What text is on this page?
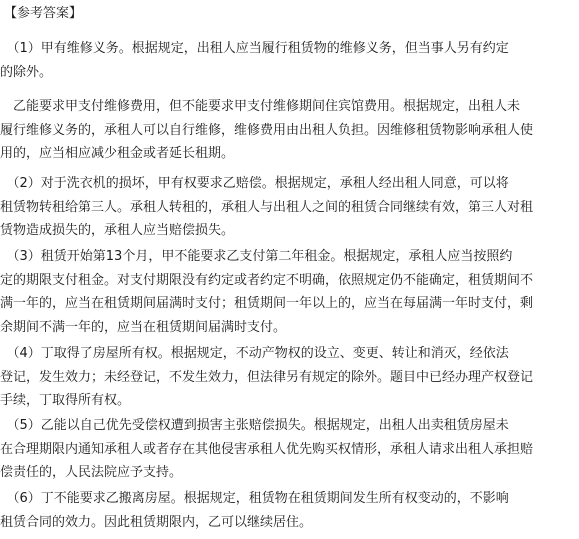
【参考答案】
　（1）甲有维修义务。根据规定，出租人应当履行租赁物的维修义务，但当事人另有约定
的除外。
　乙能要求甲支付维修费用，但不能要求甲支付维修期间住宾馆费用。根据规定，出租人未
履行维修义务的，承租人可以自行维修，维修费用由出租人负担。因维修租赁物影响承租人使
用的，应当相应减少租金或者延长租期。
　（2）对于洗衣机的损坏，甲有权要求乙赔偿。根据规定，承租人经出租人同意，可以将
租赁物转租给第三人。承租人转租的，承租人与出租人之间的租赁合同继续有效，第三人对租
赁物造成损失的，承租人应当赔偿损失。
　（3）租赁开始第13个月，甲不能要求乙支付第二年租金。根据规定，承租人应当按照约
定的期限支付租金。对支付期限没有约定或者约定不明确，依照规定仍不能确定，租赁期间不
满一年的，应当在租赁期间届满时支付；租赁期间一年以上的，应当在每届满一年时支付，剩
余期间不满一年的，应当在租赁期间届满时支付。
　（4）丁取得了房屋所有权。根据规定，不动产物权的设立、变更、转让和消灭，经依法
登记，发生效力；未经登记，不发生效力，但法律另有规定的除外。题目中已经办理产权登记
手续，丁取得所有权。
　（5）乙能以自己优先受偿权遭到损害主张赔偿损失。根据规定，出租人出卖租赁房屋未
在合理期限内通知承租人或者存在其他侵害承租人优先购买权情形，承租人请求出租人承担赔
偿责任的，人民法院应予支持。
　（6）丁不能要求乙搬离房屋。根据规定，租赁物在租赁期间发生所有权变动的，不影响
租赁合同的效力。因此租赁期限内，乙可以继续居住。
